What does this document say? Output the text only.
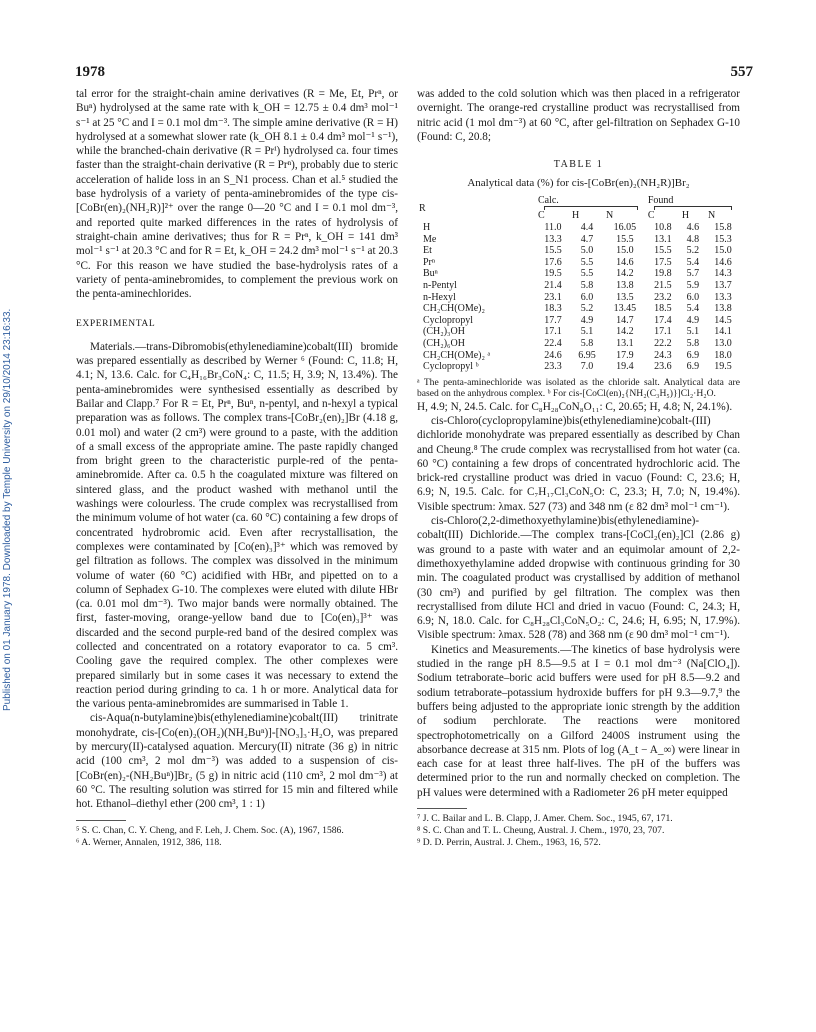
1978	557
Published on 01 January 1978. Downloaded by Temple University on 29/10/2014 23:16:33.

tal error for the straight-chain amine derivatives (R = Me, Et, Prⁿ, or Buⁿ) hydrolysed at the same rate with k_OH = 12.75 ± 0.4 dm³ mol⁻¹ s⁻¹ at 25 °C and I = 0.1 mol dm⁻³. The simple amine derivative (R = H) hydrolysed at a somewhat slower rate (k_OH 8.1 ± 0.4 dm³ mol⁻¹ s⁻¹), while the branched-chain derivative (R = Prⁱ) hydrolysed ca. four times faster than the straight-chain derivative (R = Prⁿ), probably due to steric acceleration of halide loss in an S_N1 process. Chan et al.⁵ studied the base hydrolysis of a variety of penta-aminebromides of the type cis-[CoBr(en)₂(NH₂R)]²⁺ over the range 0—20 °C and I = 0.1 mol dm⁻³, and reported quite marked differences in the rates of hydrolysis of straight-chain amine derivatives; thus for R = Prⁿ, k_OH = 141 dm³ mol⁻¹ s⁻¹ at 20.3 °C and for R = Et, k_OH = 24.2 dm³ mol⁻¹ s⁻¹ at 20.3 °C. For this reason we have studied the base-hydrolysis rates of a variety of penta-aminebromides, to complement the previous work on the penta-aminechlorides.

EXPERIMENTAL

Materials.—trans-Dibromobis(ethylenediamine)cobalt(III) bromide was prepared essentially as described by Werner ⁶ (Found: C, 11.8; H, 4.1; N, 13.6. Calc. for C₄H₁₆Br₃CoN₄: C, 11.5; H, 3.9; N, 13.4%). The penta-aminebromides were synthesised essentially as described by Bailar and Clapp.⁷ For R = Et, Prⁿ, Buⁿ, n-pentyl, and n-hexyl a typical preparation was as follows. The complex trans-[CoBr₂(en)₂]Br (4.18 g, 0.01 mol) and water (2 cm³) were ground to a paste, with the addition of a small excess of the appropriate amine. The paste rapidly changed from bright green to the characteristic purple-red of the penta-aminebromide. After ca. 0.5 h the coagulated mixture was filtered on sintered glass, and the product washed with methanol until the washings were colourless. The crude complex was recrystallised from the minimum volume of hot water (ca. 60 °C) containing a few drops of concentrated hydrobromic acid. Even after recrystallisation, the complexes were contaminated by [Co(en)₃]³⁺ which was removed by gel filtration as follows. The complex was dissolved in the minimum volume of water (60 °C) acidified with HBr, and pipetted on to a column of Sephadex G-10. The complexes were eluted with dilute HBr (ca. 0.01 mol dm⁻³). Two major bands were normally obtained. The first, faster-moving, orange-yellow band due to [Co(en)₃]³⁺ was discarded and the second purple-red band of the desired complex was collected and concentrated on a rotatory evaporator to ca. 5 cm³. Cooling gave the required complex. The other complexes were prepared similarly but in some cases it was necessary to extend the reaction period during grinding to ca. 1 h or more. Analytical data for the various penta-aminebromides are summarised in Table 1.

cis-Aqua(n-butylamine)bis(ethylenediamine)cobalt(III) trinitrate monohydrate, cis-[Co(en)₂(OH₂)(NH₂Buⁿ)]-[NO₃]₃·H₂O, was prepared by mercury(II)-catalysed aquation. Mercury(II) nitrate (36 g) in nitric acid (100 cm³, 2 mol dm⁻³) was added to a suspension of cis-[CoBr(en)₂-(NH₂Buⁿ)]Br₂ (5 g) in nitric acid (110 cm³, 2 mol dm⁻³) at 60 °C. The resulting solution was stirred for 15 min and filtered while hot. Ethanol–diethyl ether (200 cm³, 1 : 1)

⁵ S. C. Chan, C. Y. Cheng, and F. Leh, J. Chem. Soc. (A), 1967, 1586.

⁶ A. Werner, Annalen, 1912, 386, 118.

was added to the cold solution which was then placed in a refrigerator overnight. The orange-red crystalline product was recrystallised from nitric acid (1 mol dm⁻³) at 60 °C, after gel-filtration on Sephadex G-10 (Found: C, 20.8;

TABLE 1
Analytical data (%) for cis-[CoBr(en)₂(NH₂R)]Br₂
R	Calc.			Found		

	C	H	N	C	H	N
H	11.0	4.4	16.05	10.8	4.6	15.8
Me	13.3	4.7	15.5	13.1	4.8	15.3
Et	15.5	5.0	15.0	15.5	5.2	15.0
Prⁿ	17.6	5.5	14.6	17.5	5.4	14.6
Buⁿ	19.5	5.5	14.2	19.8	5.7	14.3
n-Pentyl	21.4	5.8	13.8	21.5	5.9	13.7
n-Hexyl	23.1	6.0	13.5	23.2	6.0	13.3
CH₂CH(OMe)₂	18.3	5.2	13.45	18.5	5.4	13.8
Cyclopropyl	17.7	4.9	14.7	17.4	4.9	14.5
(CH₂)₃OH	17.1	5.1	14.2	17.1	5.1	14.1
(CH₂)₆OH	22.4	5.8	13.1	22.2	5.8	13.0
CH₂CH(OMe)₂ ᵃ	24.6	6.95	17.9	24.3	6.9	18.0
Cyclopropyl ᵇ	23.3	7.0	19.4	23.6	6.9	19.5
ᵃ The penta-aminechloride was isolated as the chloride salt. Analytical data are based on the anhydrous complex. ᵇ For cis-[CoCl(en)₂{NH₂(C₃H₅)}]Cl₂·H₂O.

H, 4.9; N, 24.5. Calc. for C₈H₂₈CoN₈O₁₁: C, 20.65; H, 4.8; N, 24.1%).

cis-Chloro(cyclopropylamine)bis(ethylenediamine)cobalt-(III) dichloride monohydrate was prepared essentially as described by Chan and Cheung.⁸ The crude complex was recrystallised from hot water (ca. 60 °C) containing a few drops of concentrated hydrochloric acid. The brick-red crystalline product was dried in vacuo (Found: C, 23.6; H, 6.9; N, 19.5. Calc. for C₇H₁₇Cl₃CoN₅O: C, 23.3; H, 7.0; N, 19.4%). Visible spectrum: λmax. 527 (73) and 348 nm (ε 82 dm³ mol⁻¹ cm⁻¹).

cis-Chloro(2,2-dimethoxyethylamine)bis(ethylenediamine)-cobalt(III) Dichloride.—The complex trans-[CoCl₂(en)₂]Cl (2.86 g) was ground to a paste with water and an equimolar amount of 2,2-dimethoxyethylamine added dropwise with continuous grinding for 30 min. The coagulated product was crystallised by addition of methanol (30 cm³) and purified by gel filtration. The complex was then recrystallised from dilute HCl and dried in vacuo (Found: C, 24.3; H, 6.9; N, 18.0. Calc. for C₈H₂₈Cl₃CoN₅O₂: C, 24.6; H, 6.95; N, 17.9%). Visible spectrum: λmax. 528 (78) and 368 nm (ε 90 dm³ mol⁻¹ cm⁻¹).

Kinetics and Measurements.—The kinetics of base hydrolysis were studied in the range pH 8.5—9.5 at I = 0.1 mol dm⁻³ (Na[ClO₄]). Sodium tetraborate–boric acid buffers were used for pH 8.5—9.2 and sodium tetraborate–potassium hydroxide buffers for pH 9.3—9.7,⁹ the buffers being adjusted to the appropriate ionic strength by the addition of sodium perchlorate. The reactions were monitored spectrophotometrically on a Gilford 2400S instrument using the absorbance decrease at 315 nm. Plots of log (A_t − A_∞) were linear in each case for at least three half-lives. The pH of the buffers was determined prior to the run and normally checked on completion. The pH values were determined with a Radiometer 26 pH meter equipped

⁷ J. C. Bailar and L. B. Clapp, J. Amer. Chem. Soc., 1945, 67, 171.

⁸ S. C. Chan and T. L. Cheung, Austral. J. Chem., 1970, 23, 707.

⁹ D. D. Perrin, Austral. J. Chem., 1963, 16, 572.
